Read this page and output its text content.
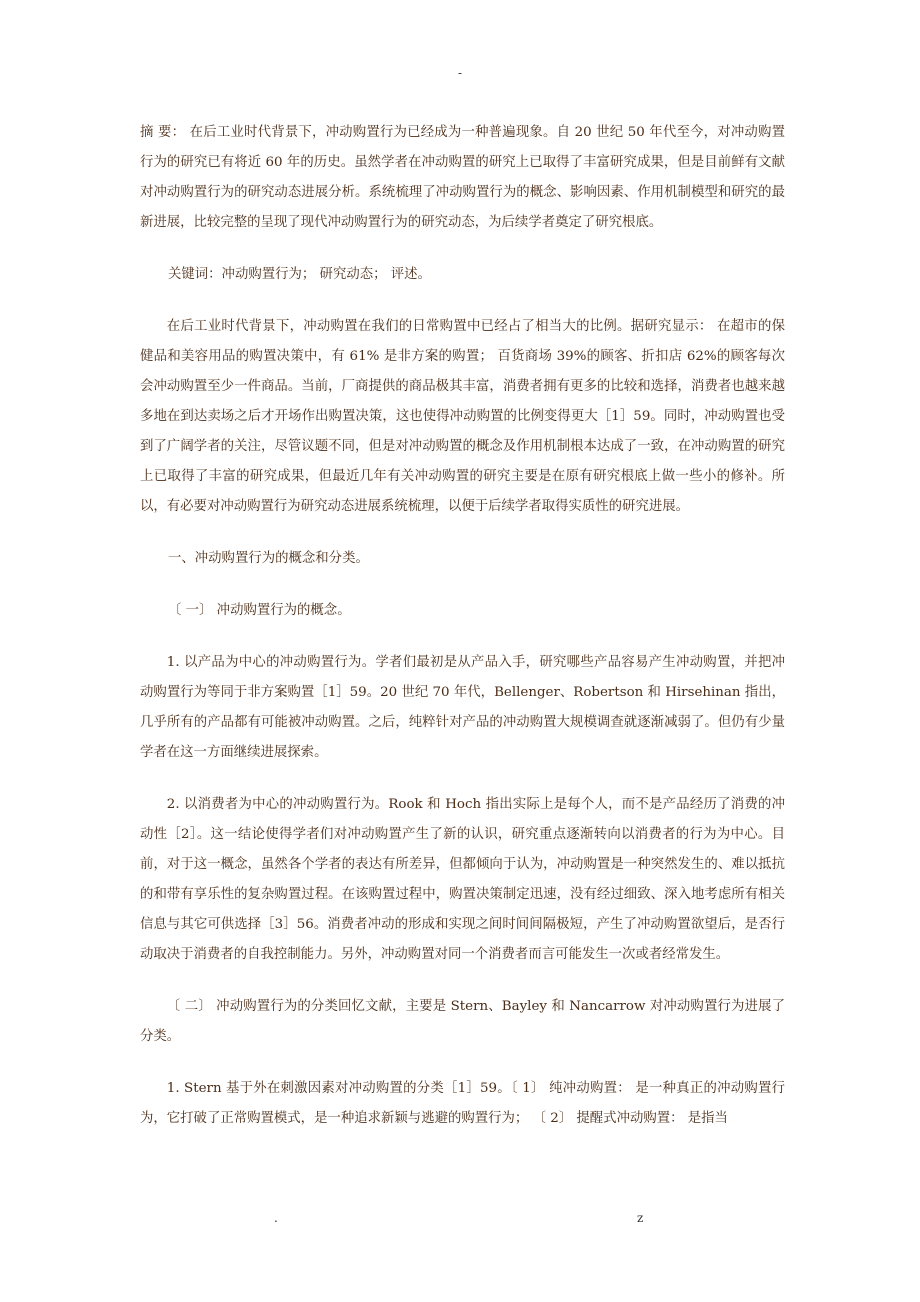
-

摘 要： 在后工业时代背景下，冲动购置行为已经成为一种普遍现象。自 20 世纪 50 年代至今，对冲动购置行为的研究已有将近 60 年的历史。虽然学者在冲动购置的研究上已取得了丰富研究成果，但是目前鲜有文献对冲动购置行为的研究动态进展分析。系统梳理了冲动购置行为的概念、影响因素、作用机制模型和研究的最新进展，比较完整的呈现了现代冲动购置行为的研究动态，为后续学者奠定了研究根底。

关键词：冲动购置行为； 研究动态； 评述。

在后工业时代背景下，冲动购置在我们的日常购置中已经占了相当大的比例。据研究显示： 在超市的保健品和美容用品的购置决策中，有 61% 是非方案的购置； 百货商场 39%的顾客、折扣店 62%的顾客每次会冲动购置至少一件商品。当前，厂商提供的商品极其丰富，消费者拥有更多的比较和选择，消费者也越来越多地在到达卖场之后才开场作出购置决策，这也使得冲动购置的比例变得更大［1］59。同时，冲动购置也受到了广阔学者的关注，尽管议题不同，但是对冲动购置的概念及作用机制根本达成了一致，在冲动购置的研究上已取得了丰富的研究成果，但最近几年有关冲动购置的研究主要是在原有研究根底上做一些小的修补。所以，有必要对冲动购置行为研究动态进展系统梳理，以便于后续学者取得实质性的研究进展。

一、冲动购置行为的概念和分类。

〔 一〕 冲动购置行为的概念。

1. 以产品为中心的冲动购置行为。学者们最初是从产品入手，研究哪些产品容易产生冲动购置，并把冲动购置行为等同于非方案购置［1］59。20 世纪 70 年代，Bellenger、Robertson 和 Hirsehinan 指出，几乎所有的产品都有可能被冲动购置。之后，纯粹针对产品的冲动购置大规模调查就逐渐减弱了。但仍有少量学者在这一方面继续进展探索。

2. 以消费者为中心的冲动购置行为。Rook 和 Hoch 指出实际上是每个人，而不是产品经历了消费的冲动性［2］。这一结论使得学者们对冲动购置产生了新的认识，研究重点逐渐转向以消费者的行为为中心。目前，对于这一概念，虽然各个学者的表达有所差异，但都倾向于认为，冲动购置是一种突然发生的、难以抵抗的和带有享乐性的复杂购置过程。在该购置过程中，购置决策制定迅速，没有经过细致、深入地考虑所有相关信息与其它可供选择［3］56。消费者冲动的形成和实现之间时间间隔极短，产生了冲动购置欲望后，是否行动取决于消费者的自我控制能力。另外，冲动购置对同一个消费者而言可能发生一次或者经常发生。

〔 二〕 冲动购置行为的分类回忆文献，主要是 Stern、Bayley 和 Nancarrow 对冲动购置行为进展了分类。

1. Stern 基于外在刺激因素对冲动购置的分类［1］59。〔 1〕 纯冲动购置： 是一种真正的冲动购置行为，它打破了正常购置模式，是一种追求新颖与逃避的购置行为； 〔 2〕 提醒式冲动购置： 是指当

.	z
